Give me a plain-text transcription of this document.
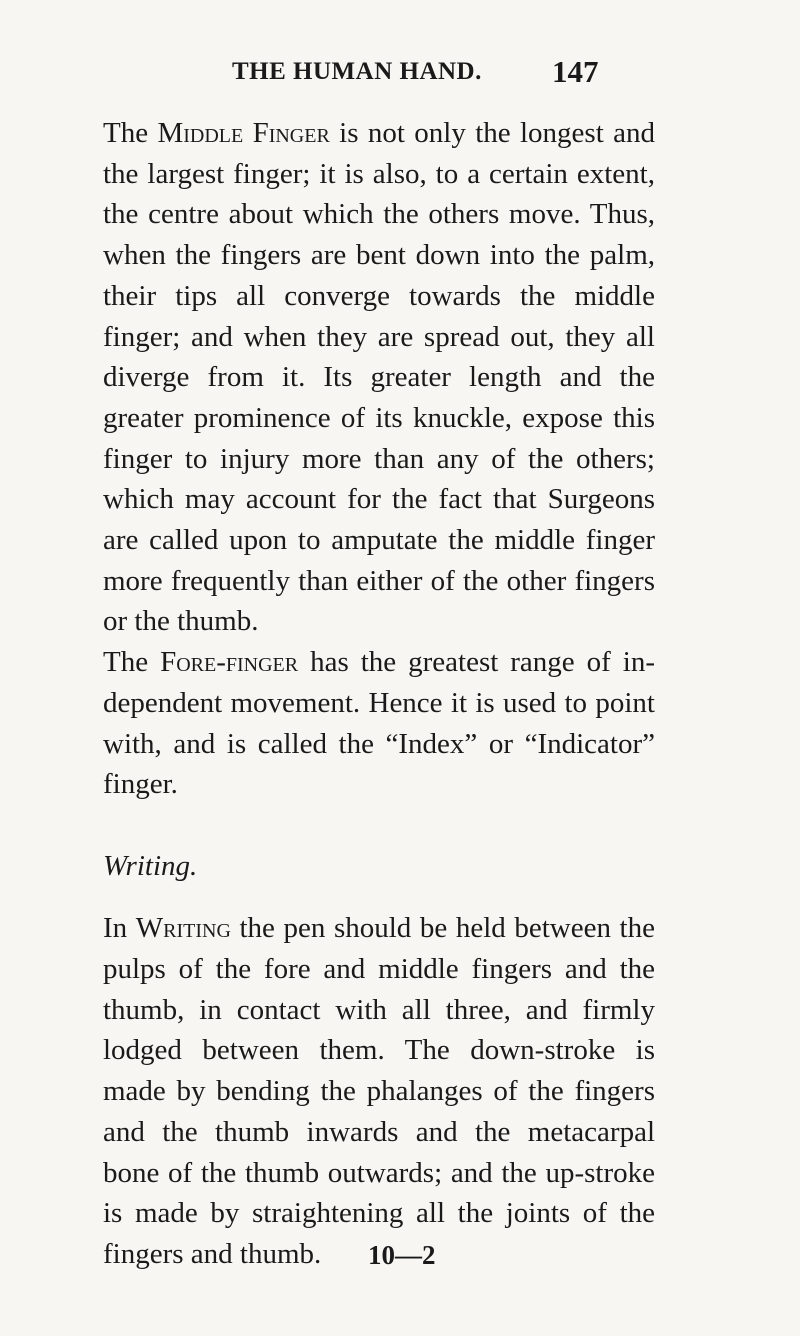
THE HUMAN HAND. 147

The Middle Finger is not only the longest and the largest finger; it is also, to a certain extent, the centre about which the others move. Thus, when the fingers are bent down into the palm, their tips all converge towards the middle finger; and when they are spread out, they all diverge from it. Its greater length and the greater prominence of its knuckle, expose this finger to injury more than any of the others; which may account for the fact that Surgeons are called upon to amputate the middle finger more frequently than either of the other fingers or the thumb.

The Fore-finger has the greatest range of independent movement. Hence it is used to point with, and is called the “Index” or “Indicator” finger.

Writing.

In Writing the pen should be held between the pulps of the fore and middle fingers and the thumb, in contact with all three, and firmly lodged between them. The down-stroke is made by bending the phalanges of the fingers and the thumb inwards and the metacarpal bone of the thumb outwards; and the up-stroke is made by straightening all the joints of the fingers and thumb.	10—2
